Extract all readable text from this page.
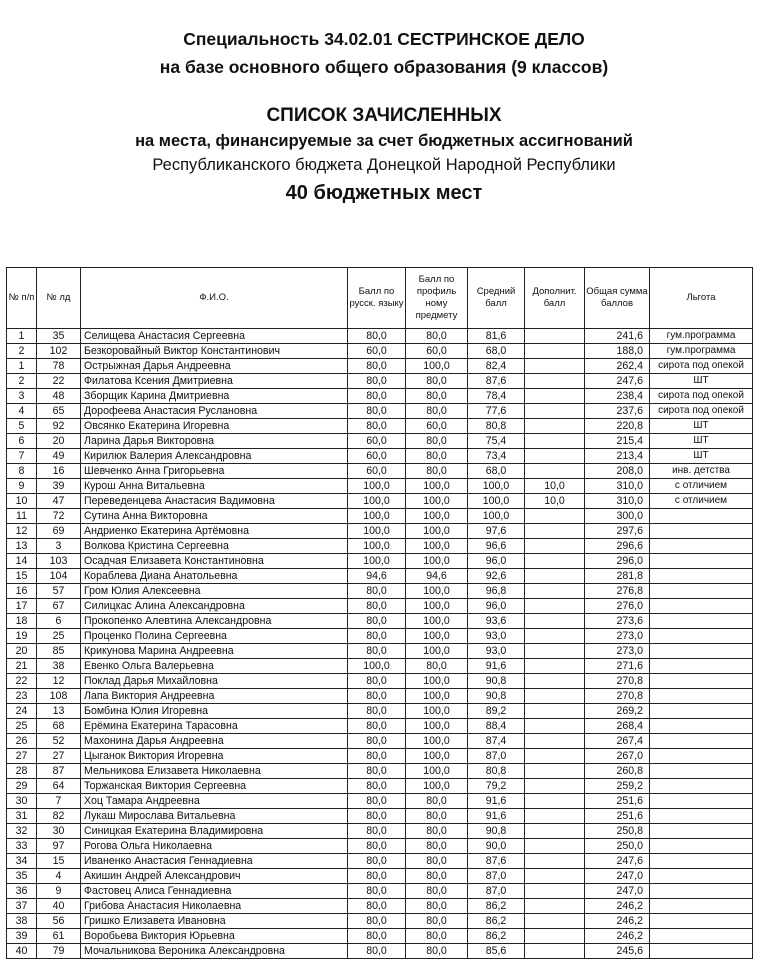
Специальность 34.02.01 СЕСТРИНСКОЕ ДЕЛО
на базе основного общего образования (9 классов)
СПИСОК ЗАЧИСЛЕННЫХ
на места, финансируемые за счет бюджетных ассигнований
Республиканского бюджета Донецкой Народной Республики
40 бюджетных мест
№ п/п	№ лд	Ф.И.О.	Балл по русск. языку	Балл по профиль ному предмету	Средний балл	Дополнит. балл	Общая сумма баллов	Льгота
1	35	Селищева Анастасия Сергеевна	80,0	80,0	81,6		241,6	гум.программа
2	102	Безкоровайный Виктор Константинович	60,0	60,0	68,0		188,0	гум.программа
1	78	Острыжная Дарья Андреевна	80,0	100,0	82,4		262,4	сирота под опекой
2	22	Филатова Ксения Дмитриевна	80,0	80,0	87,6		247,6	ШТ
3	48	Зборщик Карина Дмитриевна	80,0	80,0	78,4		238,4	сирота под опекой
4	65	Дорофеева Анастасия Руслановна	80,0	80,0	77,6		237,6	сирота под опекой
5	92	Овсянко Екатерина Игоревна	80,0	60,0	80,8		220,8	ШТ
6	20	Ларина Дарья Викторовна	60,0	80,0	75,4		215,4	ШТ
7	49	Кирилюк Валерия Александровна	60,0	80,0	73,4		213,4	ШТ
8	16	Шевченко Анна Григорьевна	60,0	80,0	68,0		208,0	инв. детства
9	39	Курош Анна Витальевна	100,0	100,0	100,0	10,0	310,0	с отличием
10	47	Переведенцева Анастасия Вадимовна	100,0	100,0	100,0	10,0	310,0	с отличием
11	72	Сутина Анна Викторовна	100,0	100,0	100,0		300,0	
12	69	Андриенко Екатерина Артёмовна	100,0	100,0	97,6		297,6	
13	3	Волкова Кристина Сергеевна	100,0	100,0	96,6		296,6	
14	103	Осадчая Елизавета Константиновна	100,0	100,0	96,0		296,0	
15	104	Кораблева Диана Анатольевна	94,6	94,6	92,6		281,8	
16	57	Гром Юлия Алексеевна	80,0	100,0	96,8		276,8	
17	67	Силицкас Алина Александровна	80,0	100,0	96,0		276,0	
18	6	Прокопенко Алевтина Александровна	80,0	100,0	93,6		273,6	
19	25	Проценко Полина Сергеевна	80,0	100,0	93,0		273,0	
20	85	Крикунова Марина Андреевна	80,0	100,0	93,0		273,0	
21	38	Евенко Ольга Валерьевна	100,0	80,0	91,6		271,6	
22	12	Поклад Дарья Михайловна	80,0	100,0	90,8		270,8	
23	108	Лапа Виктория Андреевна	80,0	100,0	90,8		270,8	
24	13	Бомбина Юлия Игоревна	80,0	100,0	89,2		269,2	
25	68	Ерёмина Екатерина Тарасовна	80,0	100,0	88,4		268,4	
26	52	Махонина Дарья Андреевна	80,0	100,0	87,4		267,4	
27	27	Цыганок Виктория Игоревна	80,0	100,0	87,0		267,0	
28	87	Мельникова Елизавета Николаевна	80,0	100,0	80,8		260,8	
29	64	Торжанская Виктория Сергеевна	80,0	100,0	79,2		259,2	
30	7	Хоц Тамара Андреевна	80,0	80,0	91,6		251,6	
31	82	Лукаш Мирослава Витальевна	80,0	80,0	91,6		251,6	
32	30	Синицкая Екатерина Владимировна	80,0	80,0	90,8		250,8	
33	97	Рогова Ольга Николаевна	80,0	80,0	90,0		250,0	
34	15	Иваненко Анастасия Геннадиевна	80,0	80,0	87,6		247,6	
35	4	Акишин Андрей Александрович	80,0	80,0	87,0		247,0	
36	9	Фастовец Алиса Геннадиевна	80,0	80,0	87,0		247,0	
37	40	Грибова Анастасия Николаевна	80,0	80,0	86,2		246,2	
38	56	Гришко Елизавета Ивановна	80,0	80,0	86,2		246,2	
39	61	Воробьева Виктория Юрьевна	80,0	80,0	86,2		246,2	
40	79	Мочальникова Вероника Александровна	80,0	80,0	85,6		245,6	
